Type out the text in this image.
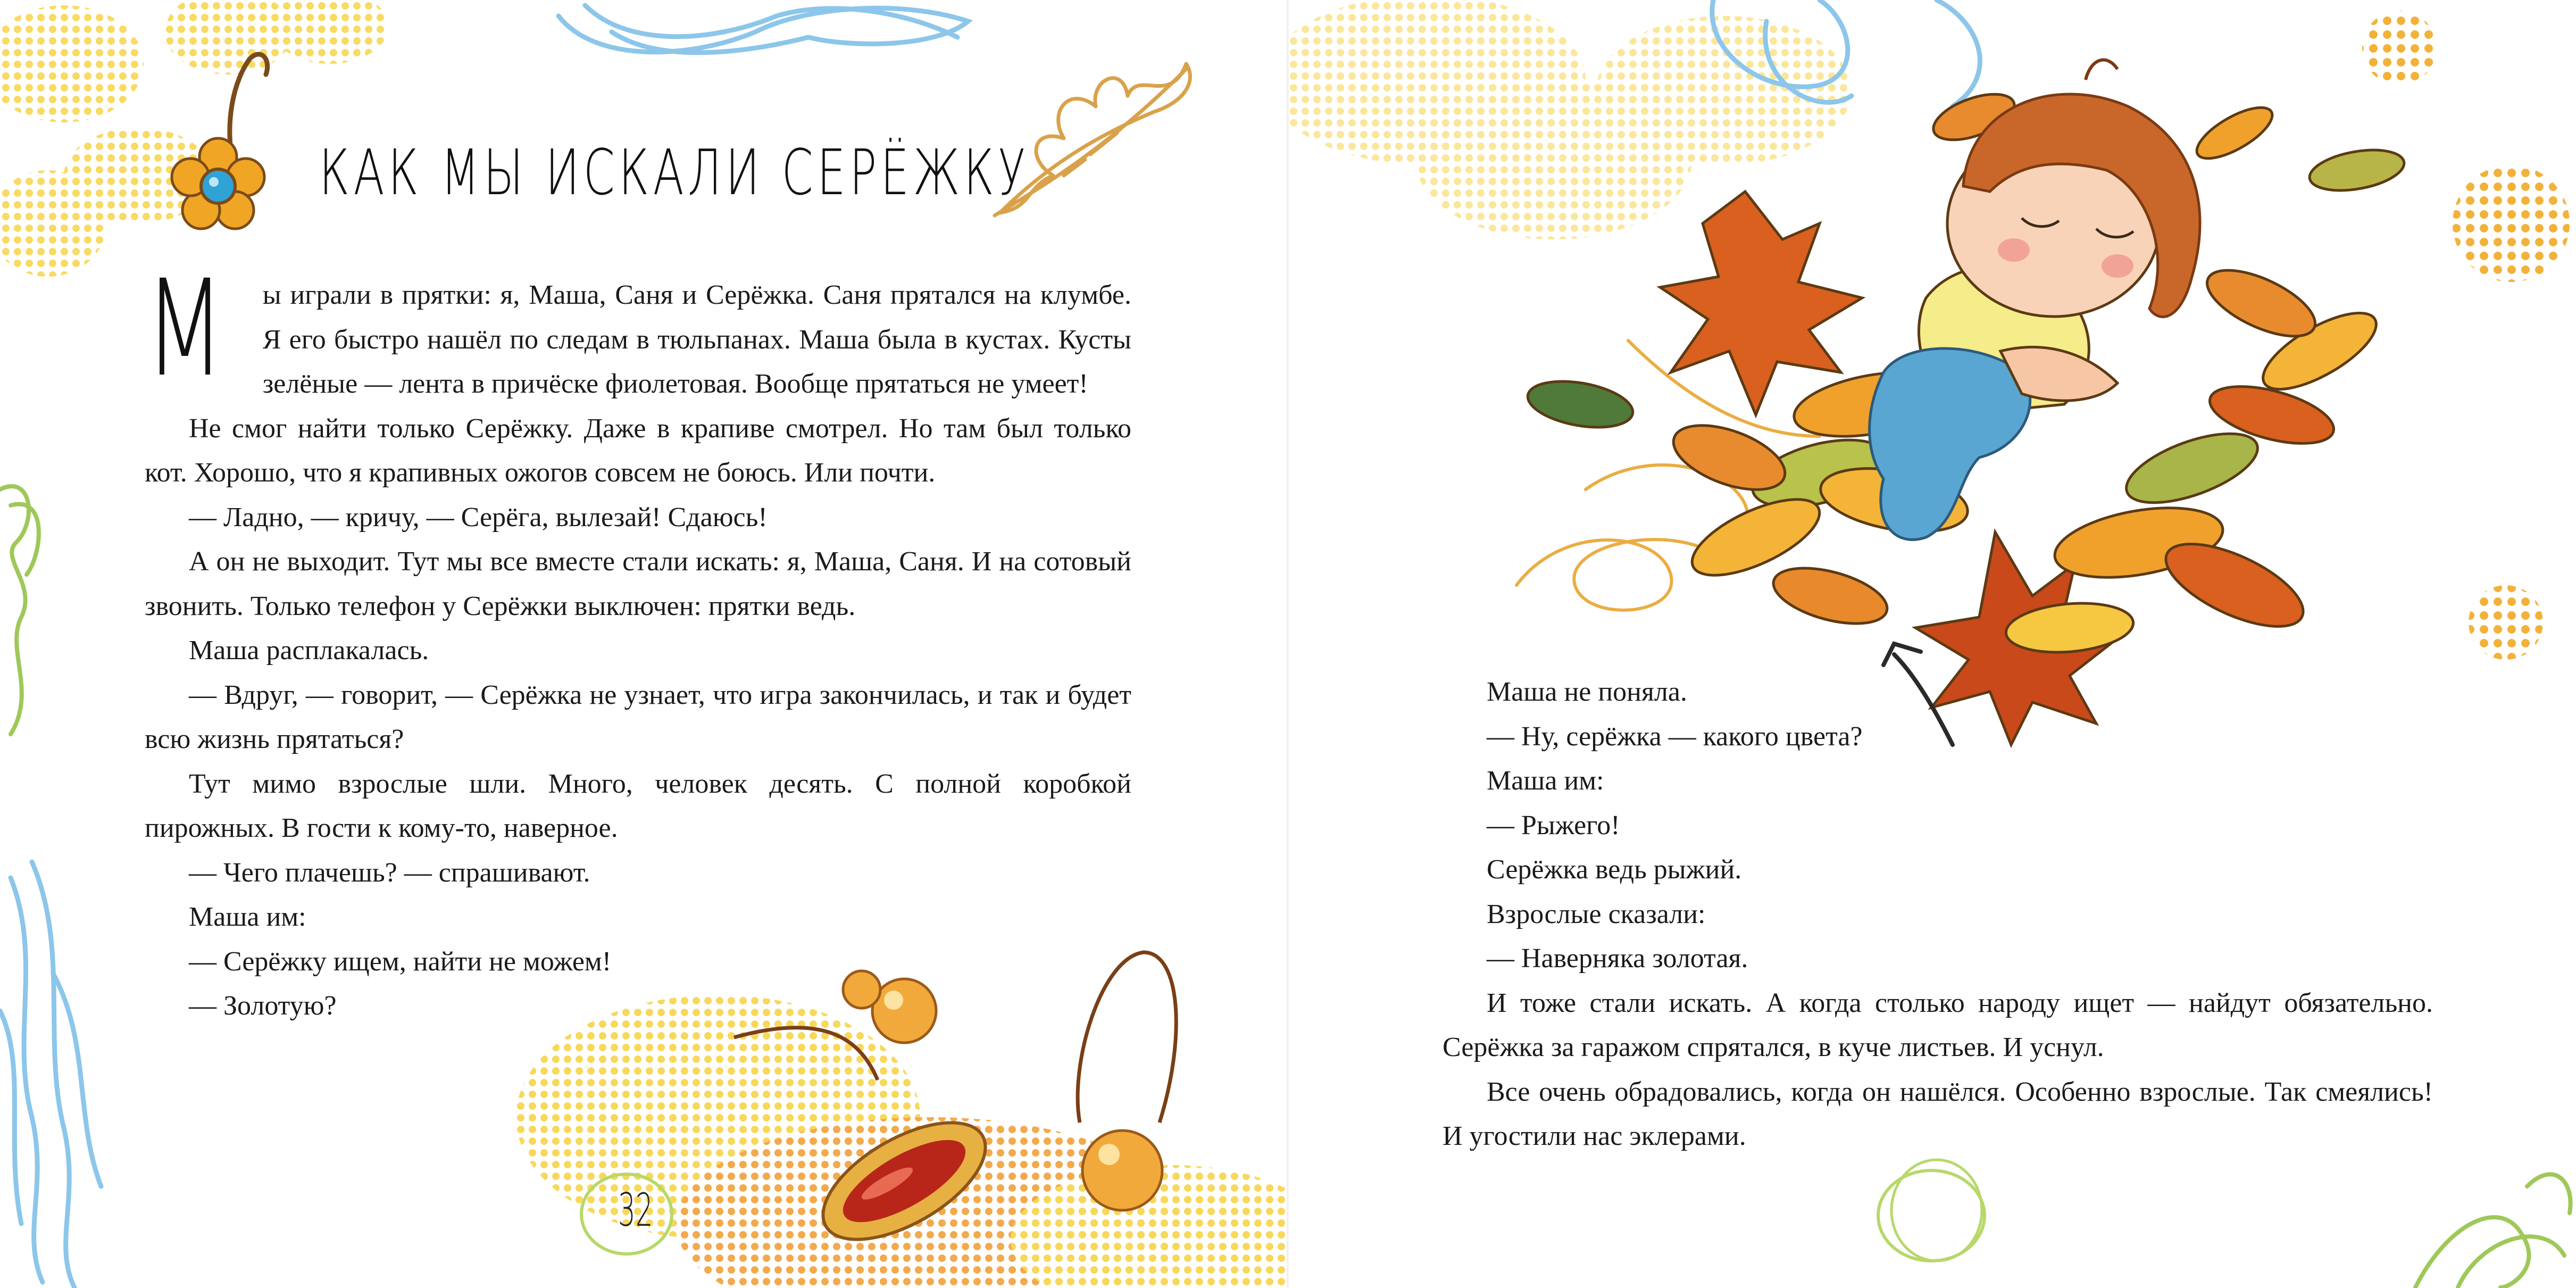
КАК МЫ ИСКАЛИ СЕРЁЖКУ

М ы играли в прятки: я, Маша, Саня и Серёжка. Саня прятался на клумбе. Я его быстро нашёл по следам в тюльпанах. Маша была в кустах. Кусты зелёные — лента в причёске фиолетовая. Вообще прятаться не умеет!

Не смог найти только Серёжку. Даже в крапиве смотрел. Но там был только кот. Хорошо, что я крапивных ожогов совсем не боюсь. Или почти.

— Ладно, — кричу, — Серёга, вылезай! Сдаюсь!

А он не выходит. Тут мы все вместе стали искать: я, Маша, Саня. И на сотовый звонить. Только телефон у Серёжки выключен: прятки ведь.

Маша расплакалась.

— Вдруг, — говорит, — Серёжка не узнает, что игра закончилась, и так и будет всю жизнь прятаться?

Тут мимо взрослые шли. Много, человек десять. С полной коробкой пирожных. В гости к кому-то, наверное.

— Чего плачешь? — спрашивают.

Маша им:

— Серёжку ищем, найти не можем!

— Золотую?

32

Маша не поняла.

— Ну, серёжка — какого цвета?

Маша им:

— Рыжего!

Серёжка ведь рыжий.

Взрослые сказали:

— Наверняка золотая.

И тоже стали искать. А когда столько народу ищет — найдут обязательно. Серёжка за гаражом спрятался, в куче листьев. И уснул.

Все очень обрадовались, когда он нашёлся. Особенно взрослые. Так смеялись! И угостили нас эклерами.
